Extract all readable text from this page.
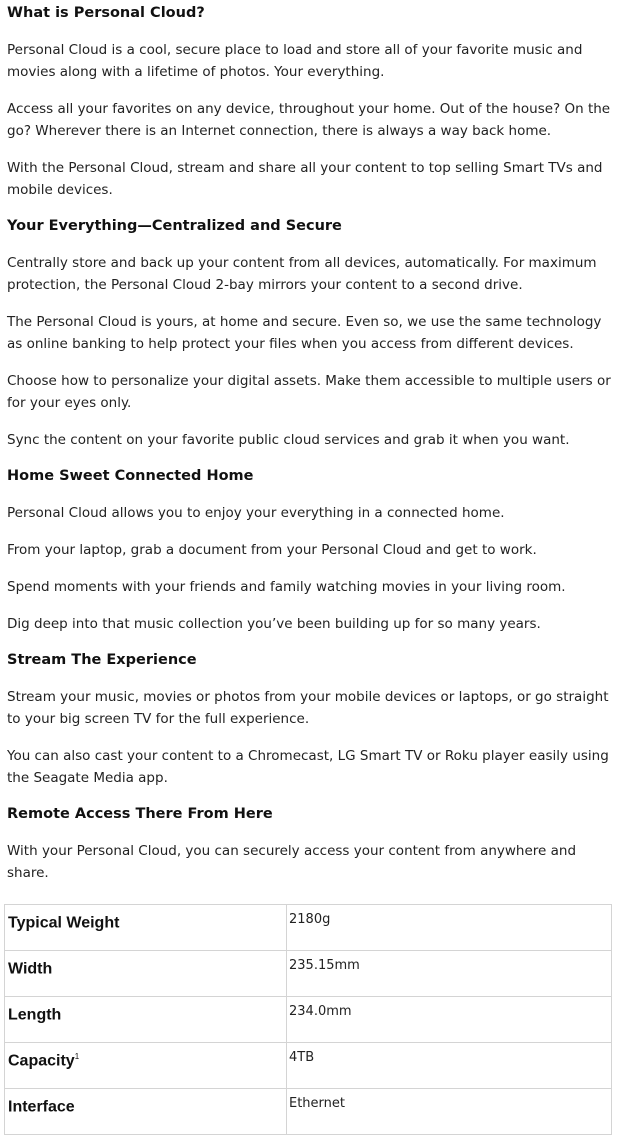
What is Personal Cloud?

Personal Cloud is a cool, secure place to load and store all of your favorite music and movies along with a lifetime of photos. Your everything.

Access all your favorites on any device, throughout your home. Out of the house? On the go? Wherever there is an Internet connection, there is always a way back home.

With the Personal Cloud, stream and share all your content to top selling Smart TVs and mobile devices.

Your Everything—Centralized and Secure

Centrally store and back up your content from all devices, automatically. For maximum protection, the Personal Cloud 2-bay mirrors your content to a second drive.

The Personal Cloud is yours, at home and secure. Even so, we use the same technology as online banking to help protect your files when you access from different devices.

Choose how to personalize your digital assets. Make them accessible to multiple users or for your eyes only.

Sync the content on your favorite public cloud services and grab it when you want.

Home Sweet Connected Home

Personal Cloud allows you to enjoy your everything in a connected home.

From your laptop, grab a document from your Personal Cloud and get to work.

Spend moments with your friends and family watching movies in your living room.

Dig deep into that music collection you’ve been building up for so many years.

Stream The Experience

Stream your music, movies or photos from your mobile devices or laptops, or go straight to your big screen TV for the full experience.

You can also cast your content to a Chromecast, LG Smart TV or Roku player easily using the Seagate Media app.

Remote Access There From Here

With your Personal Cloud, you can securely access your content from anywhere and share.

Typical Weight	2180g
Width	235.15mm
Length	234.0mm
Capacity$^1$	4TB
Interface	Ethernet
